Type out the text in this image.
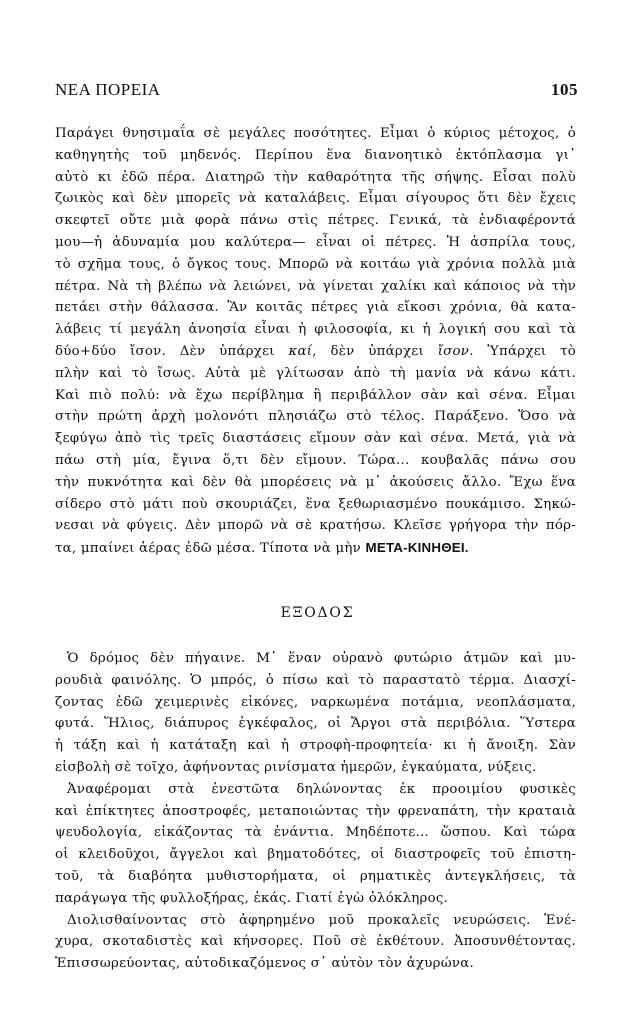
ΝΕΑ ΠΟΡΕΙΑ	105
Παράγει θνησιμαΐα σὲ μεγάλες ποσότητες. Εἶμαι ὁ κύριος μέτοχος, ὁ
καθηγητὴς τοῦ μηδενός. Περίπου ἕνα διανοητικὸ ἐκτόπλασμα γι᾽
αὐτὸ κι ἐδῶ πέρα. Διατηρῶ τὴν καθαρότητα τῆς σήψης. Εἶσαι πολὺ
ζωικὸς καὶ δὲν μπορεῖς νὰ καταλάβεις. Εἶμαι σίγουρος ὅτι δὲν ἔχεις
σκεφτεῖ οὔτε μιὰ φορὰ πάνω στὶς πέτρες. Γενικά, τὰ ἐνδιαφέροντά
μου—ἡ ἀδυναμία μου καλύτερα— εἶναι οἱ πέτρες. Ἡ ἀσπρίλα τους,
τὸ σχῆμα τους, ὁ ὄγκος τους. Μπορῶ νὰ κοιτάω γιὰ χρόνια πολλὰ μιὰ
πέτρα. Νὰ τὴ βλέπω νὰ λειώνει, νὰ γίνεται χαλίκι καὶ κάποιος νὰ τὴν
πετάει στὴν θάλασσα. Ἂν κοιτᾶς πέτρες γιὰ εἴκοσι χρόνια, θὰ κατα-
λάβεις τί μεγάλη ἀνοησία εἶναι ἡ φιλοσοφία, κι ἡ λογική σου καὶ τὰ
δύο+δύο ἴσον. Δὲν ὑπάρχει καί, δὲν ὑπάρχει ἴσον. Ὑπάρχει τὸ
πλὴν καὶ τὸ ἴσως. Αὐτὰ μὲ γλίτωσαν ἀπὸ τὴ μανία νὰ κάνω κάτι.
Καὶ πιὸ πολύ: νὰ ἔχω περίβλημα ἢ περιβάλλον σὰν καὶ σένα. Εἶμαι
στὴν πρώτη ἀρχὴ μολονότι πλησιάζω στὸ τέλος. Παράξενο. Ὅσο νὰ
ξεφύγω ἀπὸ τὶς τρεῖς διαστάσεις εἴμουν σὰν καὶ σένα. Μετά, γιὰ νὰ
πάω στὴ μία, ἔγινα ὅ,τι δὲν εἴμουν. Τώρα... κουβαλᾶς πάνω σου
τὴν πυκνότητα καὶ δὲν θὰ μπορέσεις νὰ μ᾽ ἀκούσεις ἄλλο. Ἔχω ἕνα
σίδερο στὸ μάτι ποὺ σκουριάζει, ἕνα ξεθωριασμένο πουκάμισο. Σηκώ-
νεσαι νὰ φύγεις. Δὲν μπορῶ νὰ σὲ κρατήσω. Κλεῖσε γρήγορα τὴν πόρ-
τα, μπαίνει ἀέρας ἐδῶ μέσα. Τίποτα νὰ μὴν ΜΕΤΑ-ΚΙΝΗΘΕΙ.
ΕΞΟΔΟΣ
Ὁ δρόμος δὲν πήγαινε. Μ᾽ ἕναν οὐρανὸ φυτώριο ἀτμῶν καὶ μυ-
ρουδιὰ φαινόλης. Ὁ μπρός, ὁ πίσω καὶ τὸ παραστατὸ τέρμα. Διασχί-
ζοντας ἐδῶ χειμερινὲς εἰκόνες, ναρκωμένα ποτάμια, νεοπλάσματα,
φυτά. Ἥλιος, διάπυρος ἐγκέφαλος, οἱ Ἄργοι στὰ περιβόλια. Ὕστερα
ἡ τάξη καὶ ἡ κατάταξη καὶ ἡ στροφὴ-προφητεία· κι ἡ ἄνοιξη. Σὰν
εἰσβολὴ σὲ τοῖχο, ἀφήνοντας ρινίσματα ἡμερῶν, ἐγκαύματα, νύξεις.
Ἀναφέρομαι στὰ ἐνεστῶτα δηλώνοντας ἐκ προοιμίου φυσικὲς
καὶ ἐπίκτητες ἀποστροφές, μεταποιώντας τὴν φρεναπάτη, τὴν κραταιὰ
ψευδολογία, εἰκάζοντας τὰ ἐνάντια. Μηδέποτε... ὥσπου. Καὶ τώρα
οἱ κλειδοῦχοι, ἄγγελοι καὶ βηματοδότες, οἱ διαστροφεῖς τοῦ ἐπιστη-
τοῦ, τὰ διαβόητα μυθιστορήματα, οἱ ρηματικὲς ἀντεγκλήσεις, τὰ
παράγωγα τῆς φυλλοξήρας, ἐκάς. Γιατί ἐγὼ ὁλόκληρος.
Διολισθαίνοντας στὸ ἀφηρημένο μοῦ προκαλεῖς νευρώσεις. Ἐνέ-
χυρα, σκοταδιστὲς καὶ κήνσορες. Ποῦ σὲ ἐκθέτουν. Ἀποσυνθέτοντας.
Ἐπισσωρεύοντας, αὐτοδικαζόμενος σ᾽ αὐτὸν τὸν ἀχυρώνα.
